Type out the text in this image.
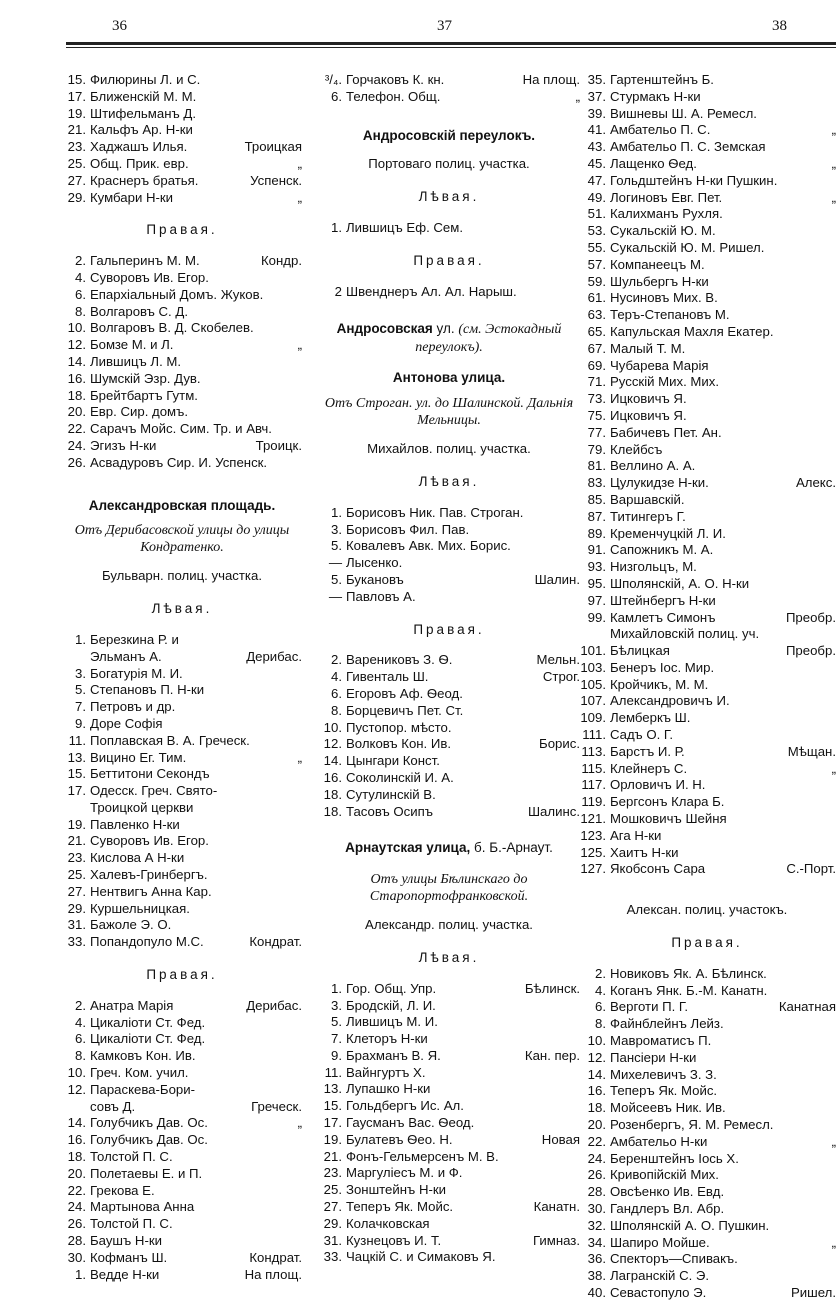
36	37	38
15. Филюрины Л. и С.
17. Ближенскій М. М.
19. Штифельманъ Д.
21. Кальфъ Ар. Н-ки
23. Хаджашъ Илья.	Троицкая
25. Общ. Прик. евр.	„
27. Краснеръ братья.	Успенск.
29. Кумбари Н-ки	„
Правая.
2. Гальперинъ М. М.	Кондр.
4. Суворовъ Ив. Егор.
6. Епархіальный Домъ. Жуков.
8. Волгаровъ С. Д.
10. Волгаровъ В. Д. Скобелев.
12. Бомзе М. и Л.	„
14. Лившицъ Л. М.
16. Шумскій Эзр. Дув.
18. Брейтбартъ Гутм.
20. Евр. Сир. домъ.
22. Сарачъ Мойс. Сим. Тр. и Авч.
24. Эгизъ Н-ки	Троицк.
26. Асвадуровъ Сир. И. Успенск.
Александровская площадь.
Отъ Дерибасовской улицы до улицы Кондратенко.
Бульварн. полиц. участка.
Лѣвая.
1. Березкина Р. и
Эльманъ А.	Дерибас.
3. Богатурія М. И.
5. Степановъ П. Н-ки
7. Петровъ и др.
9. Доре Софія
11. Поплавская В. А. Греческ.
13. Вицино Ег. Тим.	„
15. Беттитони Секондъ
17. Одесск. Греч. Свято-
Троицкой церкви
19. Павленко Н-ки
21. Суворовъ Ив. Егор.
23. Кислова А Н-ки
25. Халевъ-Гринбергъ.
27. Нентвигъ Анна Кар.
29. Куршельницкая.
31. Бажоле Э. О.
33. Попандопуло М.С.	Кондрат.
Правая.
2. Анатра Марія	Дерибас.
4. Цикаліоти Ст. Фед.
6. Цикаліоти Ст. Фед.
8. Камковъ Кон. Ив.
10. Греч. Ком. учил.
12. Параскева-Бори-
совъ Д.	Греческ.
14. Голубчикъ Дав. Ос.	„
16. Голубчикъ Дав. Ос.
18. Толстой П. С.
20. Полетаевы Е. и П.
22. Грекова Е.
24. Мартынова Анна
26. Толстой П. С.
28. Баушъ Н-ки
30. Кофманъ Ш.	Кондрат.
1. Ведде Н-ки	На площ.
³/₄. Горчаковъ К. кн.	На площ.
6. Телефон. Общ.	„
Андросовскій переулокъ.
Портоваго полиц. участка.
Лѣвая.
1. Лившицъ Еф. Сем.
Правая.
2 Швенднеръ Ал. Ал. Нарыш.
Андросовская ул. (см. Эстокадный переулокъ).
Антонова улица.
Отъ Строган. ул. до Шалинской. Дальнія Мельницы.
Михайлов. полиц. участка.
Лѣвая.
1. Борисовъ Ник. Пав. Строган.
3. Борисовъ Фил. Пав.
5. Ковалевъ Авк. Мих. Борис.
— Лысенко.
5. Букановъ	Шалин.
— Павловъ А.
Правая.
2. Варениковъ З. Ѳ.	Мельн.
4. Гивенталь Ш.	Строг.
6. Егоровъ Аф. Ѳеод.
8. Борцевичъ Пет. Ст.
10. Пустопор. мѣсто.
12. Волковъ Кон. Ив.	Борис.
14. Цынгари Конст.
16. Соколинскій И. А.
18. Сутулинскій В.
18. Тасовъ Осипъ	Шалинс.
Арнаутская улица, б. Б.-Арнаут.
Отъ улицы Бѣлинскаго до Старопортофранковской.
Александр. полиц. участка.
Лѣвая.
1. Гор. Общ. Упр.	Бѣлинск.
3. Бродскій, Л. И.
5. Лившицъ М. И.
7. Клеторъ Н-ки
9. Брахманъ В. Я.	Кан. пер.
11. Вайнгуртъ Х.
13. Лупашко Н-ки
15. Гольдбергъ Ис. Ал.
17. Гаусманъ Вас. Ѳеод.
19. Булатевъ Ѳео. Н.	Новая
21. Фонъ-Гельмерсенъ М. В.
23. Маргуліесъ М. и Ф.
25. Зонштейнъ Н-ки
27. Теперъ Як. Мойс.	Канатн.
29. Колачковская
31. Кузнецовъ И. Т.	Гимназ.
33. Чацкій С. и Симаковъ Я.
35. Гартенштейнъ Б.
37. Стурмакъ Н-ки
39. Вишневы Ш. А. Ремесл.
41. Амбательо П. С.	„
43. Амбательо П. С. Земская
45. Лащенко Ѳед.	„
47. Гольдштейнъ Н-ки Пушкин.
49. Логиновъ Евг. Пет.	„
51. Калихманъ Рухля.
53. Сукальскій Ю. М.
55. Сукальскій Ю. М. Ришел.
57. Компанеецъ М.
59. Шульбергъ Н-ки
61. Нусиновъ Мих. В.
63. Теръ-Степановъ М.
65. Капульская Махля Екатер.
67. Малый Т. М.
69. Чубарева Марія
71. Русскій Мих. Мих.
73. Ицковичъ Я.
75. Ицковичъ Я.
77. Бабичевъ Пет. Ан.
79. Клейбсъ
81. Веллино А. А.
83. Цулукидзе Н-ки.	Алекс.
85. Варшавскій.
87. Титингеръ Г.
89. Кременчуцкій Л. И.
91. Сапожникъ М. А.
93. Низгольцъ, М.
95. Шполянскій, А. О. Н-ки
97. Штейнбергъ Н-ки
99. Камлетъ Симонъ	Преобр.
Михайловскій полиц. уч.
101. Бѣлицкая	Преобр.
103. Бенеръ Іос. Мир.
105. Кройчикъ, М. М.
107. Александровичъ И.
109. Лемберкъ Ш.
111. Садъ О. Г.
113. Барстъ И. Р.	Мѣщан.
115. Клейнеръ С.	„
117. Орловичъ И. Н.
119. Бергсонъ Клара Б.
121. Мошковичъ Шейня
123. Ага Н-ки
125. Хаитъ Н-ки
127. Якобсонъ Сара	С.-Порт.
Алексан. полиц. участокъ.
Правая.
2. Новиковъ Як. А. Бѣлинск.
4. Коганъ Янк. Б.-М. Канатн.
6. Верготи П. Г.	Канатная
8. Файнблейнъ Лейз.
10. Мавроматисъ П.
12. Пансіери Н-ки
14. Михелевичъ З. З.
16. Теперъ Як. Мойс.
18. Мойсеевъ Ник. Ив.
20. Розенбергъ, Я. М. Ремесл.
22. Амбательо Н-ки	„
24. Беренштейнъ Іось Х.
26. Кривопійскій Мих.
28. Овсѣенко Ив. Евд.
30. Гандлеръ Вл. Абр.
32. Шполянскій А. О. Пушкин.
34. Шапиро Мойше.	„
36. Спекторъ—Спивакъ.
38. Лагранскій С. Э.
40. Севастопуло Э.	Ришел.
